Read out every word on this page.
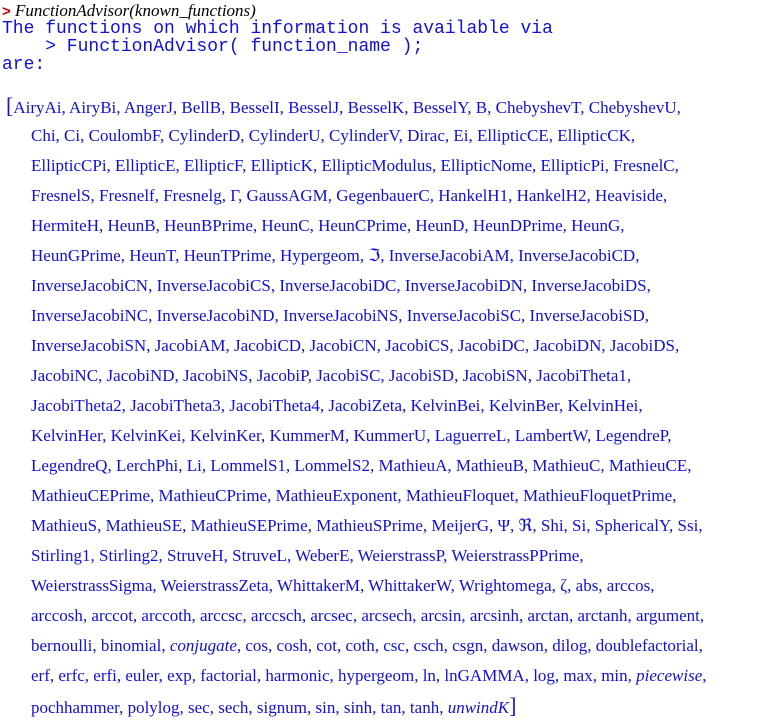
> FunctionAdvisor(known_functions)
The functions on which information is available via
> FunctionAdvisor( function_name );
are:
[AiryAi, AiryBi, AngerJ, BellB, BesselI, BesselJ, BesselK, BesselY, B, ChebyshevT, ChebyshevU,
Chi, Ci, CoulombF, CylinderD, CylinderU, CylinderV, Dirac, Ei, EllipticCE, EllipticCK,
EllipticCPi, EllipticE, EllipticF, EllipticK, EllipticModulus, EllipticNome, EllipticPi, FresnelC,
FresnelS, Fresnelf, Fresnelg, Γ, GaussAGM, GegenbauerC, HankelH1, HankelH2, Heaviside,
HermiteH, HeunB, HeunBPrime, HeunC, HeunCPrime, HeunD, HeunDPrime, HeunG,
HeunGPrime, HeunT, HeunTPrime, Hypergeom, ℑ, InverseJacobiAM, InverseJacobiCD,
InverseJacobiCN, InverseJacobiCS, InverseJacobiDC, InverseJacobiDN, InverseJacobiDS,
InverseJacobiNC, InverseJacobiND, InverseJacobiNS, InverseJacobiSC, InverseJacobiSD,
InverseJacobiSN, JacobiAM, JacobiCD, JacobiCN, JacobiCS, JacobiDC, JacobiDN, JacobiDS,
JacobiNC, JacobiND, JacobiNS, JacobiP, JacobiSC, JacobiSD, JacobiSN, JacobiTheta1,
JacobiTheta2, JacobiTheta3, JacobiTheta4, JacobiZeta, KelvinBei, KelvinBer, KelvinHei,
KelvinHer, KelvinKei, KelvinKer, KummerM, KummerU, LaguerreL, LambertW, LegendreP,
LegendreQ, LerchPhi, Li, LommelS1, LommelS2, MathieuA, MathieuB, MathieuC, MathieuCE,
MathieuCEPrime, MathieuCPrime, MathieuExponent, MathieuFloquet, MathieuFloquetPrime,
MathieuS, MathieuSE, MathieuSEPrime, MathieuSPrime, MeijerG, Ψ, ℜ, Shi, Si, SphericalY, Ssi,
Stirling1, Stirling2, StruveH, StruveL, WeberE, WeierstrassP, WeierstrassPPrime,
WeierstrassSigma, WeierstrassZeta, WhittakerM, WhittakerW, Wrightomega, ζ, abs, arccos,
arccosh, arccot, arccoth, arccsc, arccsch, arcsec, arcsech, arcsin, arcsinh, arctan, arctanh, argument,
bernoulli, binomial, conjugate, cos, cosh, cot, coth, csc, csch, csgn, dawson, dilog, doublefactorial,
erf, erfc, erfi, euler, exp, factorial, harmonic, hypergeom, ln, lnGAMMA, log, max, min, piecewise,
pochhammer, polylog, sec, sech, signum, sin, sinh, tan, tanh, unwindK]
